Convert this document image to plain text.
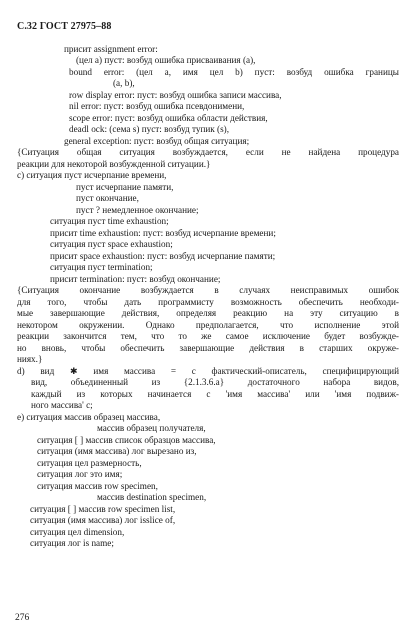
С.32 ГОСТ 27975–88
присит assignment error:
(цел a) пуст: возбуд ошибка присваивания (a),
bound error: (цел a, имя цел b) пуст: возбуд ошибка границы
(a, b),
row display error: пуст: возбуд ошибка записи массива,
nil error: пуст: возбуд ошибка псевдонимени,
scope error: пуст: возбуд ошибка области действия,
deadl ock: (сема s) пуст: возбуд тупик (s),
general exception: пуст: возбуд общая ситуация;
{Ситуация общая ситуация возбуждается, если не найдена процедура
реакции для некоторой возбужденной ситуации.}
c) ситуация пуст исчерпание времени,
пуст исчерпание памяти,
пуст окончание,
пуст ? немедленное окончание;
ситуация пуст time exhaustion;
присит time exhaustion: пуст: возбуд исчерпание времени;
ситуация пуст space exhaustion;
присит space exhaustion: пуст: возбуд исчерпание памяти;
ситуация пуст termination;
присит termination: пуст: возбуд окончание;
{Ситуация окончание возбуждается в случаях неисправимых ошибок
для того, чтобы дать программисту возможность обеспечить необходи-
мые завершающие действия, определяя реакцию на эту ситуацию в
некотором окружении. Однако предполагается, что исполнение этой
реакции закончится тем, что то же самое исключение будет возбужде-
но вновь, чтобы обеспечить завершающие действия в старших окруже-
ниях.}
d) вид ✱ имя массива = с фактический-описатель, специфицирующий
вид, объединенный из {2.1.3.6.a} достаточного набора видов,
каждый из которых начинается с 'имя массива' или 'имя подвиж-
ного массива' c;
e) ситуация массив образец массива,
массив образец получателя,
ситуация [ ] массив список образцов массива,
ситуация (имя массива) лог вырезано из,
ситуация цел размерность,
ситуация лог это имя;
ситуация массив row specimen,
массив destination specimen,
ситуация [ ] массив row specimen list,
ситуация (имя массива) лог isslice of,
ситуация цел dimension,
ситуация лог is name;
276
